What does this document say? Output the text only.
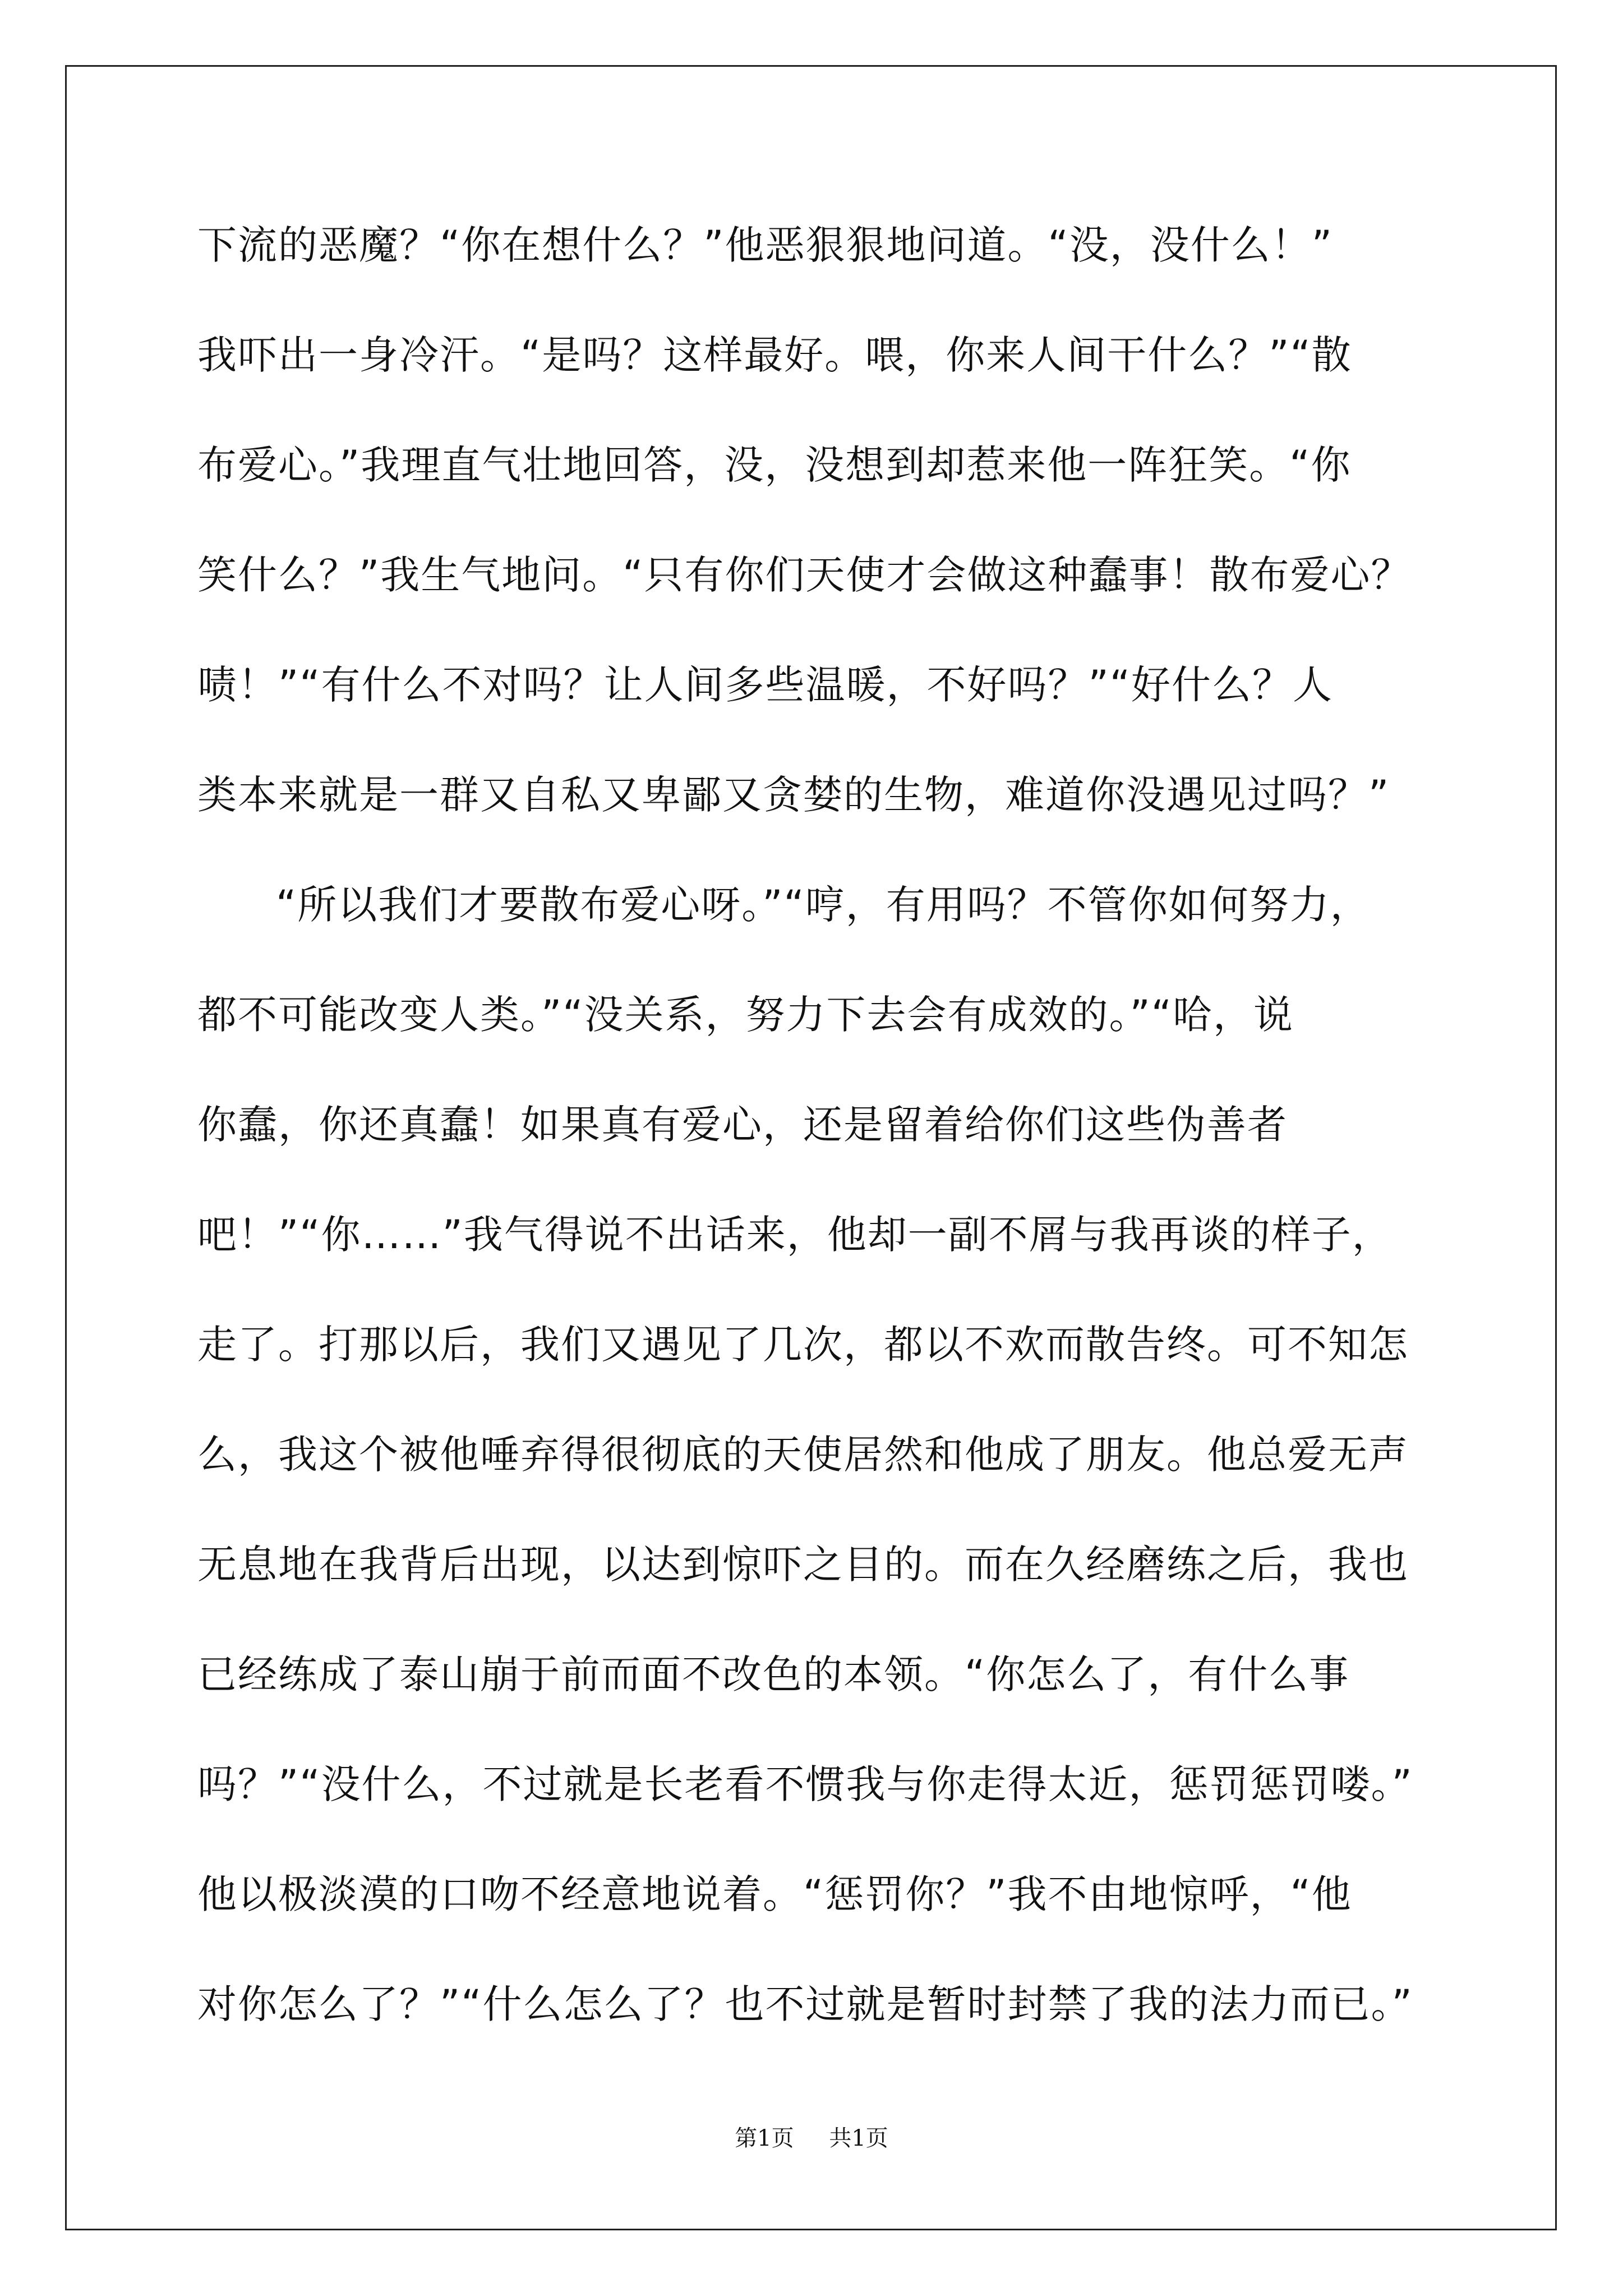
下流的恶魔？“你在想什么？”他恶狠狠地问道。“没，没什么！”
我吓出一身冷汗。“是吗？这样最好。喂，你来人间干什么？”“散
布爱心。”我理直气壮地回答，没，没想到却惹来他一阵狂笑。“你
笑什么？”我生气地问。“只有你们天使才会做这种蠢事！散布爱心？
啧！”“有什么不对吗？让人间多些温暖，不好吗？”“好什么？人
类本来就是一群又自私又卑鄙又贪婪的生物，难道你没遇见过吗？”
“所以我们才要散布爱心呀。”“哼，有用吗？不管你如何努力，
都不可能改变人类。”“没关系，努力下去会有成效的。”“哈，说
你蠢，你还真蠢！如果真有爱心，还是留着给你们这些伪善者
吧！”“你……”我气得说不出话来，他却一副不屑与我再谈的样子，
走了。打那以后，我们又遇见了几次，都以不欢而散告终。可不知怎
么，我这个被他唾弃得很彻底的天使居然和他成了朋友。他总爱无声
无息地在我背后出现，以达到惊吓之目的。而在久经磨练之后，我也
已经练成了泰山崩于前而面不改色的本领。“你怎么了，有什么事
吗？”“没什么，不过就是长老看不惯我与你走得太近，惩罚惩罚喽。”
他以极淡漠的口吻不经意地说着。“惩罚你？”我不由地惊呼，“他
对你怎么了？”“什么怎么了？也不过就是暂时封禁了我的法力而已。”
第1页 共1页
